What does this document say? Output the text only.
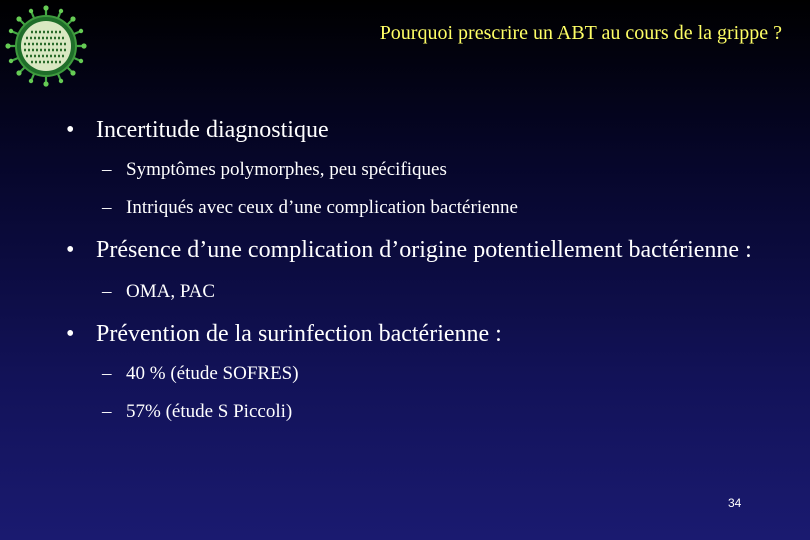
Pourquoi prescrire un ABT au cours de la grippe ?
• Incertitude diagnostique
– Symptômes polymorphes, peu spécifiques
– Intriqués avec ceux d’une complication bactérienne
• Présence d’une complication d’origine potentiellement bactérienne :
– OMA, PAC
• Prévention de la surinfection bactérienne :
– 40 % (étude SOFRES)
– 57% (étude S Piccoli)
34
